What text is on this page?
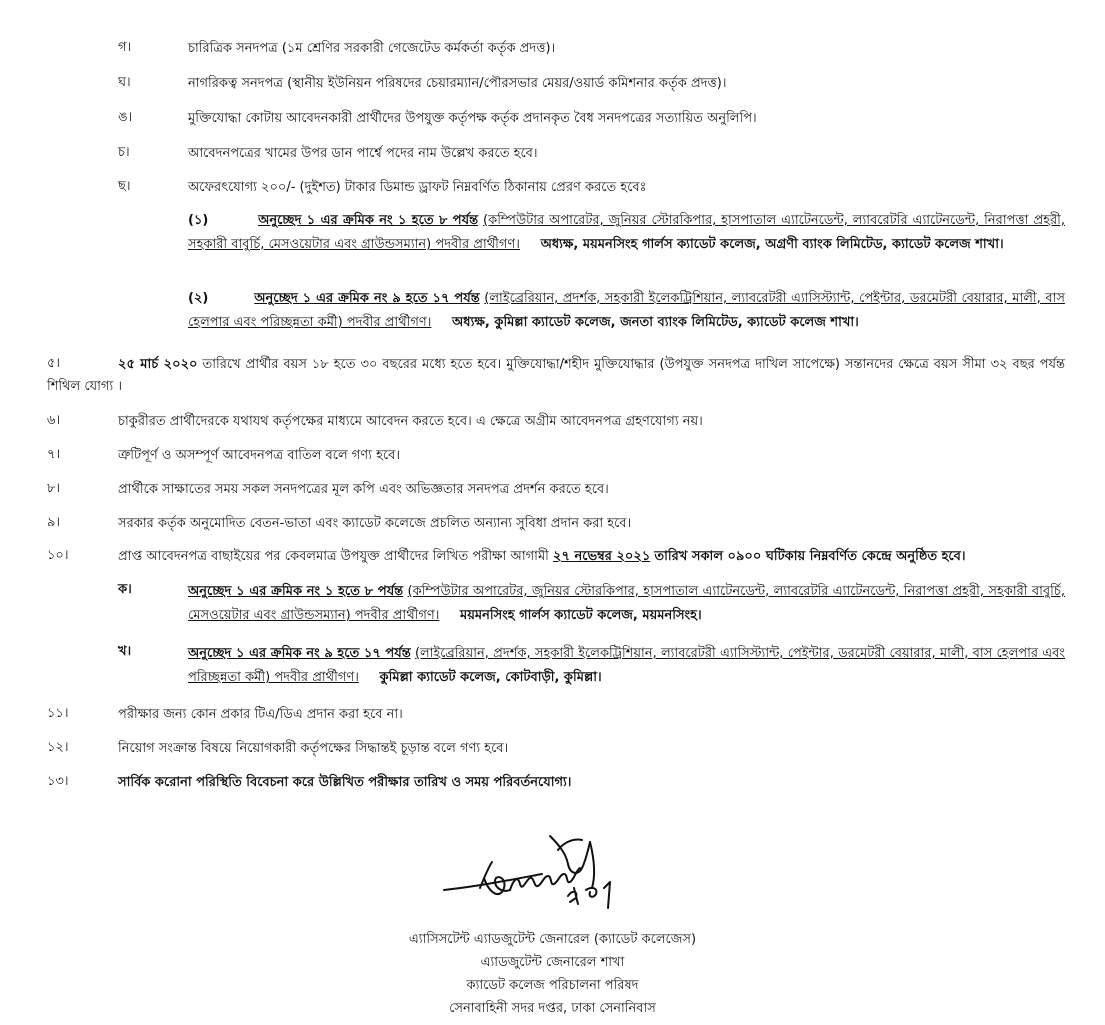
গ।	চারিত্রিক সনদপত্র (১ম শ্রেণির সরকারী গেজেটেড কর্মকর্তা কর্তৃক প্রদত্ত)।
ঘ।	নাগরিকত্ব সনদপত্র (স্থানীয় ইউনিয়ন পরিষদের চেয়ারম্যান/পৌরসভার মেয়র/ওয়ার্ড কমিশনার কর্তৃক প্রদত্ত)।
ঙ।	মুক্তিযোদ্ধা কোটায় আবেদনকারী প্রার্থীদের উপযুক্ত কর্তৃপক্ষ কর্তৃক প্রদানকৃত বৈধ সনদপত্রের সত্যায়িত অনুলিপি।
চ।	আবেদনপত্রের খামের উপর ডান পার্শ্বে পদের নাম উল্লেখ করতে হবে।
ছ।	অফেরৎযোগ্য ২০০/- (দুইশত) টাকার ডিমান্ড ড্রাফট নিম্নবর্ণিত ঠিকানায় প্রেরণ করতে হবেঃ
(১)	অনুচ্ছেদ ১ এর ক্রমিক নং ১ হতে ৮ পর্যন্ত (কম্পিউটার অপারেটর, জুনিয়র স্টোরকিপার, হাসপাতাল এ্যাটেনডেন্ট, ল্যাবরেটরি এ্যাটেনডেন্ট, নিরাপত্তা প্রহরী, সহকারী বাবুর্চি, মেসওয়েটার এবং গ্রাউন্ডসম্যান) পদবীর প্রার্থীগণ। অধ্যক্ষ, ময়মনসিংহ গার্লস ক্যাডেট কলেজ, অগ্রণী ব্যাংক লিমিটেড, ক্যাডেট কলেজ শাখা।
(২)	অনুচ্ছেদ ১ এর ক্রমিক নং ৯ হতে ১৭ পর্যন্ত (লাইব্রেরিয়ান, প্রদর্শক, সহকারী ইলেকট্রিশিয়ান, ল্যাবরেটরী এ্যাসিস্ট্যান্ট, পেইন্টার, ডরমেটরী বেয়ারার, মালী, বাস হেলপার এবং পরিচ্ছন্নতা কর্মী) পদবীর প্রার্থীগণ। অধ্যক্ষ, কুমিল্লা ক্যাডেট কলেজ, জনতা ব্যাংক লিমিটেড, ক্যাডেট কলেজ শাখা।
৫।	২৫ মার্চ ২০২০ তারিখে প্রার্থীর বয়স ১৮ হতে ৩০ বছরের মধ্যে হতে হবে। মুক্তিযোদ্ধা/শহীদ মুক্তিযোদ্ধার (উপযুক্ত সনদপত্র দাখিল সাপেক্ষে) সন্তানদের ক্ষেত্রে বয়স সীমা ৩২ বছর পর্যন্ত শিথিল যোগ্য ।
৬।	চাকুরীরত প্রার্থীদেরকে যথাযথ কর্তৃপক্ষের মাধ্যমে আবেদন করতে হবে। এ ক্ষেত্রে অগ্রীম আবেদনপত্র গ্রহণযোগ্য নয়।
৭।	ত্রুটিপূর্ণ ও অসম্পূর্ণ আবেদনপত্র বাতিল বলে গণ্য হবে।
৮।	প্রার্থীকে সাক্ষাতের সময় সকল সনদপত্রের মূল কপি এবং অভিজ্ঞতার সনদপত্র প্রদর্শন করতে হবে।
৯।	সরকার কর্তৃক অনুমোদিত বেতন-ভাতা এবং ক্যাডেট কলেজে প্রচলিত অন্যান্য সুবিধা প্রদান করা হবে।
১০।	প্রাপ্ত আবেদনপত্র বাছাইয়ের পর কেবলমাত্র উপযুক্ত প্রার্থীদের লিখিত পরীক্ষা আগামী ২৭ নভেম্বর ২০২১ তারিখ সকাল ০৯০০ ঘটিকায় নিম্নবর্ণিত কেন্দ্রে অনুষ্ঠিত হবে।
ক।	অনুচ্ছেদ ১ এর ক্রমিক নং ১ হতে ৮ পর্যন্ত (কম্পিউটার অপারেটর, জুনিয়র স্টোরকিপার, হাসপাতাল এ্যাটেনডেন্ট, ল্যাবরেটরি এ্যাটেনডেন্ট, নিরাপত্তা প্রহরী, সহকারী বাবুর্চি, মেসওয়েটার এবং গ্রাউন্ডসম্যান) পদবীর প্রার্থীগণ। ময়মনসিংহ গার্লস ক্যাডেট কলেজ, ময়মনসিংহ।
খ।	অনুচ্ছেদ ১ এর ক্রমিক নং ৯ হতে ১৭ পর্যন্ত (লাইব্রেরিয়ান, প্রদর্শক, সহকারী ইলেকট্রিশিয়ান, ল্যাবরেটরী এ্যাসিস্ট্যান্ট, পেইন্টার, ডরমেটরী বেয়ারার, মালী, বাস হেলপার এবং পরিচ্ছন্নতা কর্মী) পদবীর প্রার্থীগণ। কুমিল্লা ক্যাডেট কলেজ, কোটবাড়ী, কুমিল্লা।
১১।	পরীক্ষার জন্য কোন প্রকার টিএ/ডিএ প্রদান করা হবে না।
১২।	নিয়োগ সংক্রান্ত বিষয়ে নিয়োগকারী কর্তৃপক্ষের সিদ্ধান্তই চূড়ান্ত বলে গণ্য হবে।
১৩।	সার্বিক করোনা পরিস্থিতি বিবেচনা করে উল্লিখিত পরীক্ষার তারিখ ও সময় পরিবর্তনযোগ্য।
এ্যাসিসটেন্ট এ্যাডজুটেন্ট জেনারেল (ক্যাডেট কলেজেস)
এ্যাডজুটেন্ট জেনারেল শাখা
ক্যাডেট কলেজ পরিচালনা পরিষদ
সেনাবাহিনী সদর দপ্তর, ঢাকা সেনানিবাস
